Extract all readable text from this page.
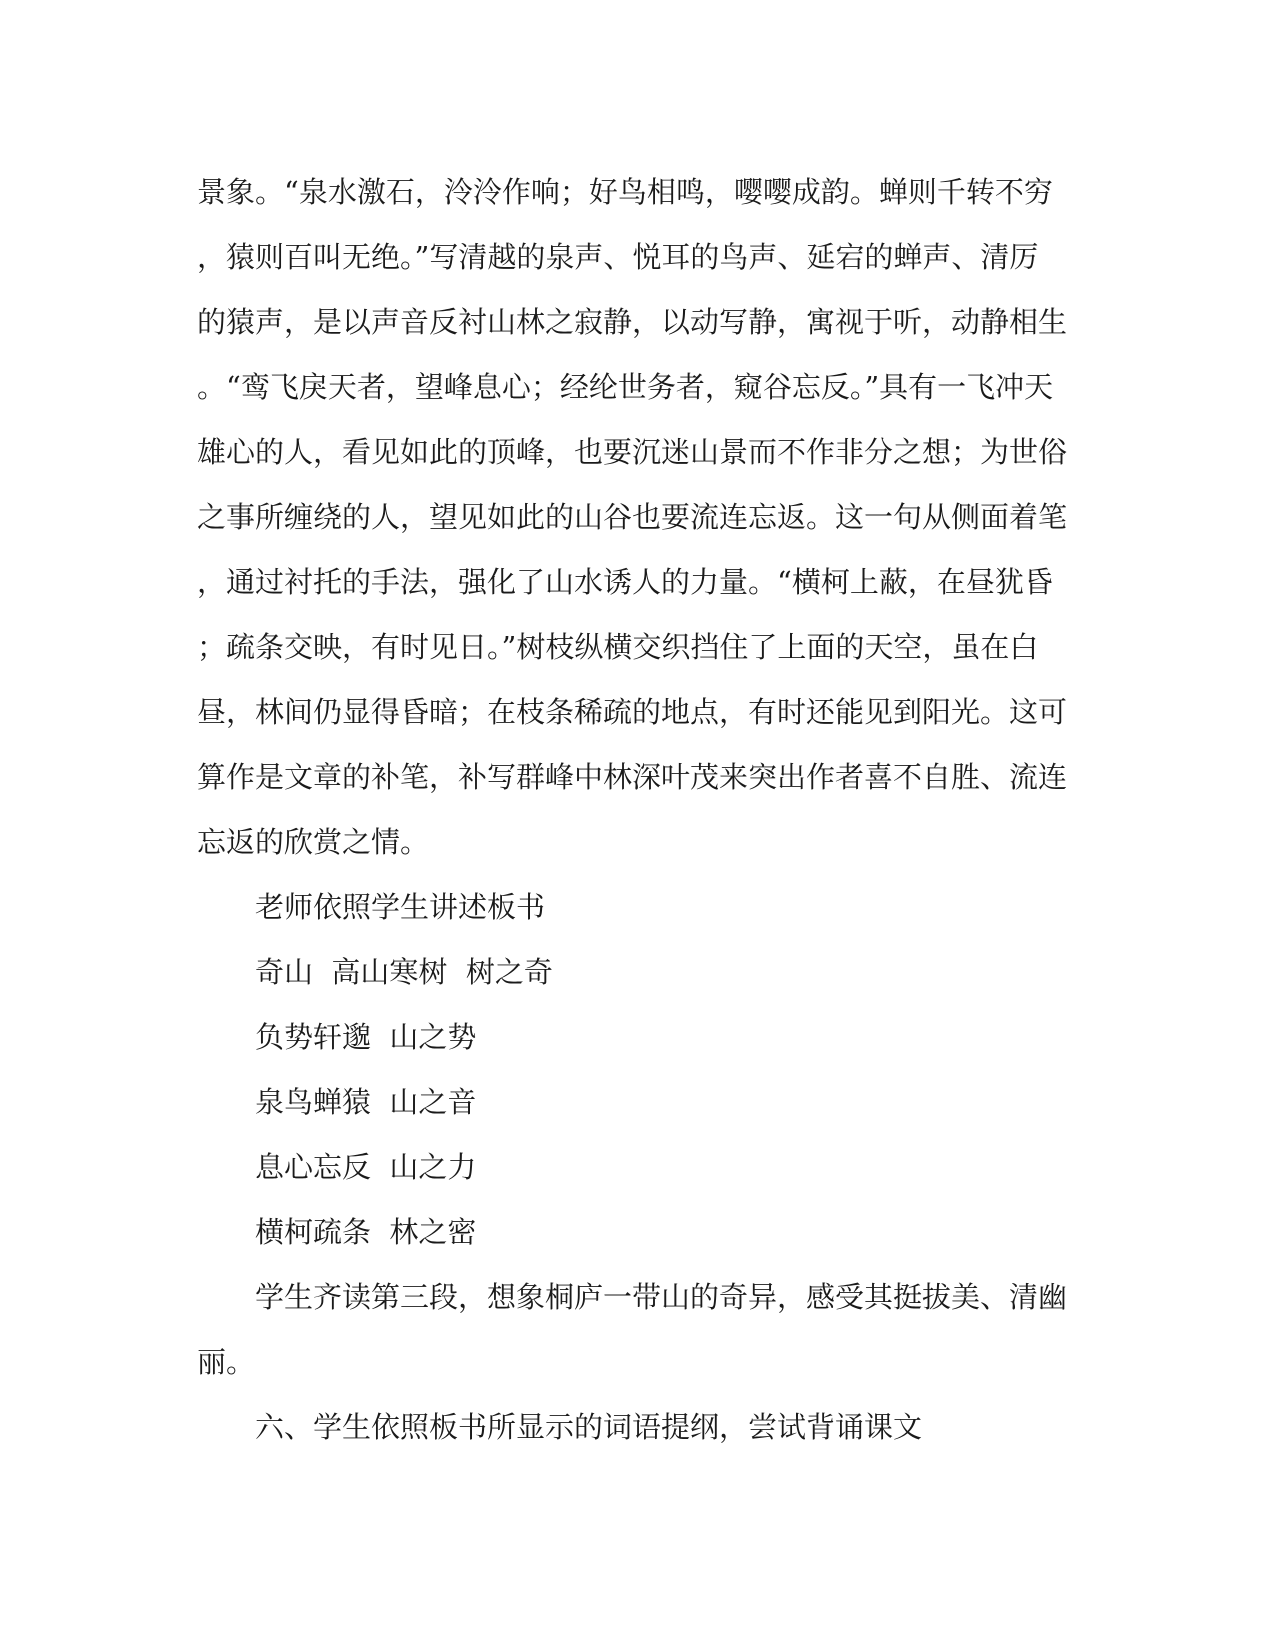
景象。“泉水激石，泠泠作响；好鸟相鸣，嘤嘤成韵。蝉则千转不穷

，猿则百叫无绝。”写清越的泉声、悦耳的鸟声、延宕的蝉声、清厉

的猿声，是以声音反衬山林之寂静，以动写静，寓视于听，动静相生

。“鸾飞戾天者，望峰息心；经纶世务者，窥谷忘反。”具有一飞冲天

雄心的人，看见如此的顶峰，也要沉迷山景而不作非分之想；为世俗

之事所缠绕的人，望见如此的山谷也要流连忘返。这一句从侧面着笔

，通过衬托的手法，强化了山水诱人的力量。“横柯上蔽，在昼犹昏

；疏条交映，有时见日。”树枝纵横交织挡住了上面的天空，虽在白

昼，林间仍显得昏暗；在枝条稀疏的地点，有时还能见到阳光。这可

算作是文章的补笔，补写群峰中林深叶茂来突出作者喜不自胜、流连

忘返的欣赏之情。

老师依照学生讲述板书

奇山  高山寒树  树之奇

负势轩邈  山之势

泉鸟蝉猿  山之音

息心忘反  山之力

横柯疏条  林之密

学生齐读第三段，想象桐庐一带山的奇异，感受其挺拔美、清幽

丽。

六、学生依照板书所显示的词语提纲，尝试背诵课文
